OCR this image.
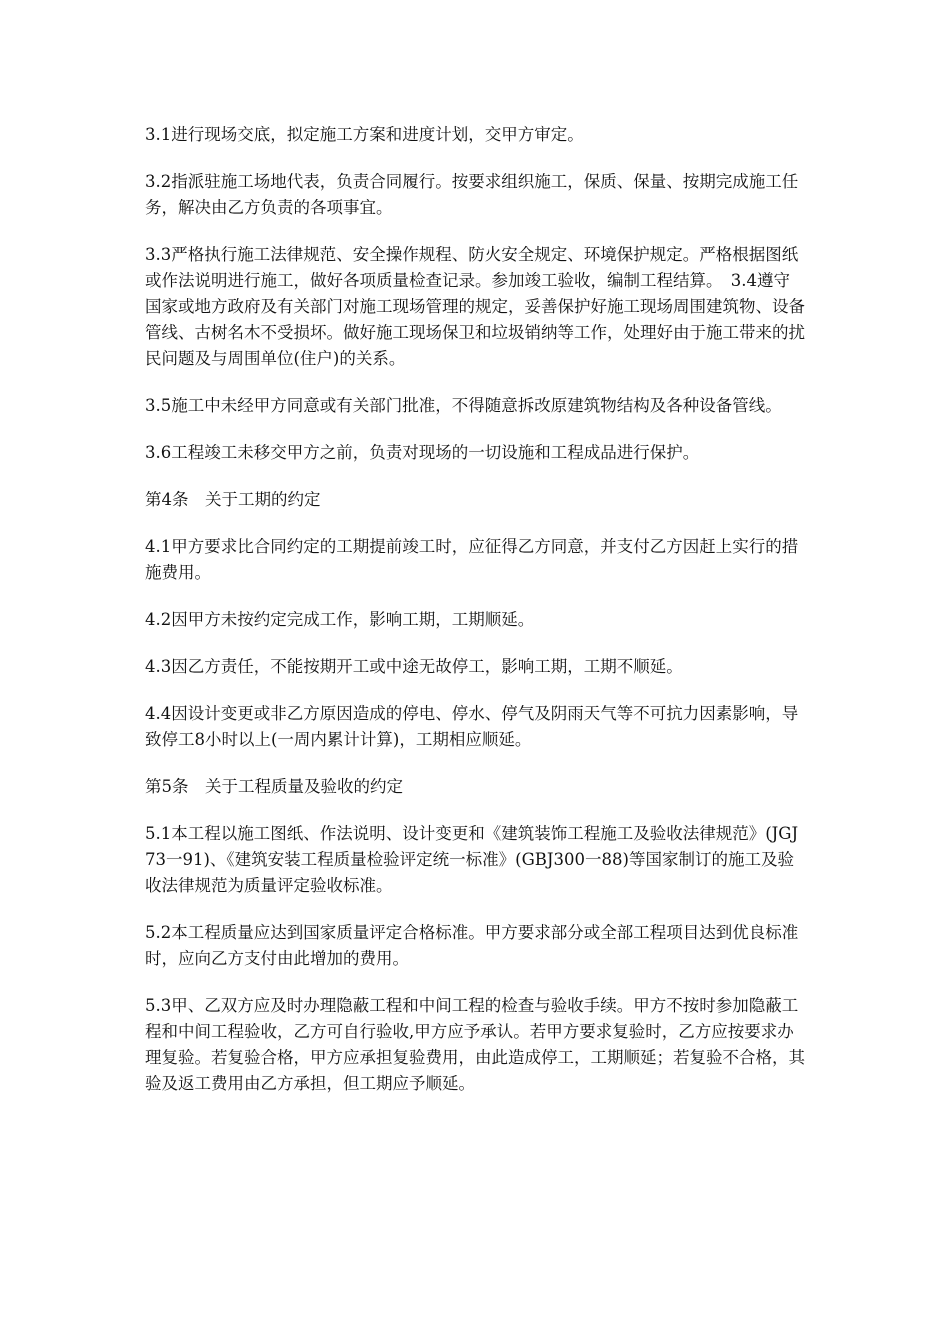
3.1进行现场交底，拟定施工方案和进度计划，交甲方审定。

3.2指派驻施工场地代表，负责合同履行。按要求组织施工，保质、保量、按期完成施工任务，解决由乙方负责的各项事宜。

3.3严格执行施工法律规范、安全操作规程、防火安全规定、环境保护规定。严格根据图纸或作法说明进行施工，做好各项质量检查记录。参加竣工验收，编制工程结算。　3.4遵守国家或地方政府及有关部门对施工现场管理的规定，妥善保护好施工现场周围建筑物、设备管线、古树名木不受损坏。做好施工现场保卫和垃圾销纳等工作，处理好由于施工带来的扰民问题及与周围单位(住户)的关系。

3.5施工中未经甲方同意或有关部门批准，不得随意拆改原建筑物结构及各种设备管线。

3.6工程竣工未移交甲方之前，负责对现场的一切设施和工程成品进行保护。

第4条　关于工期的约定

4.1甲方要求比合同约定的工期提前竣工时，应征得乙方同意，并支付乙方因赶上实行的措施费用。

4.2因甲方未按约定完成工作，影响工期，工期顺延。

4.3因乙方责任，不能按期开工或中途无故停工，影响工期，工期不顺延。

4.4因设计变更或非乙方原因造成的停电、停水、停气及阴雨天气等不可抗力因素影响，导致停工8小时以上(一周内累计计算)，工期相应顺延。

第5条　关于工程质量及验收的约定

5.1本工程以施工图纸、作法说明、设计变更和《建筑装饰工程施工及验收法律规范》(JGJ73一91)、《建筑安装工程质量检验评定统一标准》(GBJ300一88)等国家制订的施工及验收法律规范为质量评定验收标准。

5.2本工程质量应达到国家质量评定合格标准。甲方要求部分或全部工程项目达到优良标准时，应向乙方支付由此增加的费用。

5.3甲、乙双方应及时办理隐蔽工程和中间工程的检查与验收手续。甲方不按时参加隐蔽工程和中间工程验收，乙方可自行验收,甲方应予承认。若甲方要求复验时，乙方应按要求办理复验。若复验合格，甲方应承担复验费用，由此造成停工，工期顺延；若复验不合格，其验及返工费用由乙方承担，但工期应予顺延。
